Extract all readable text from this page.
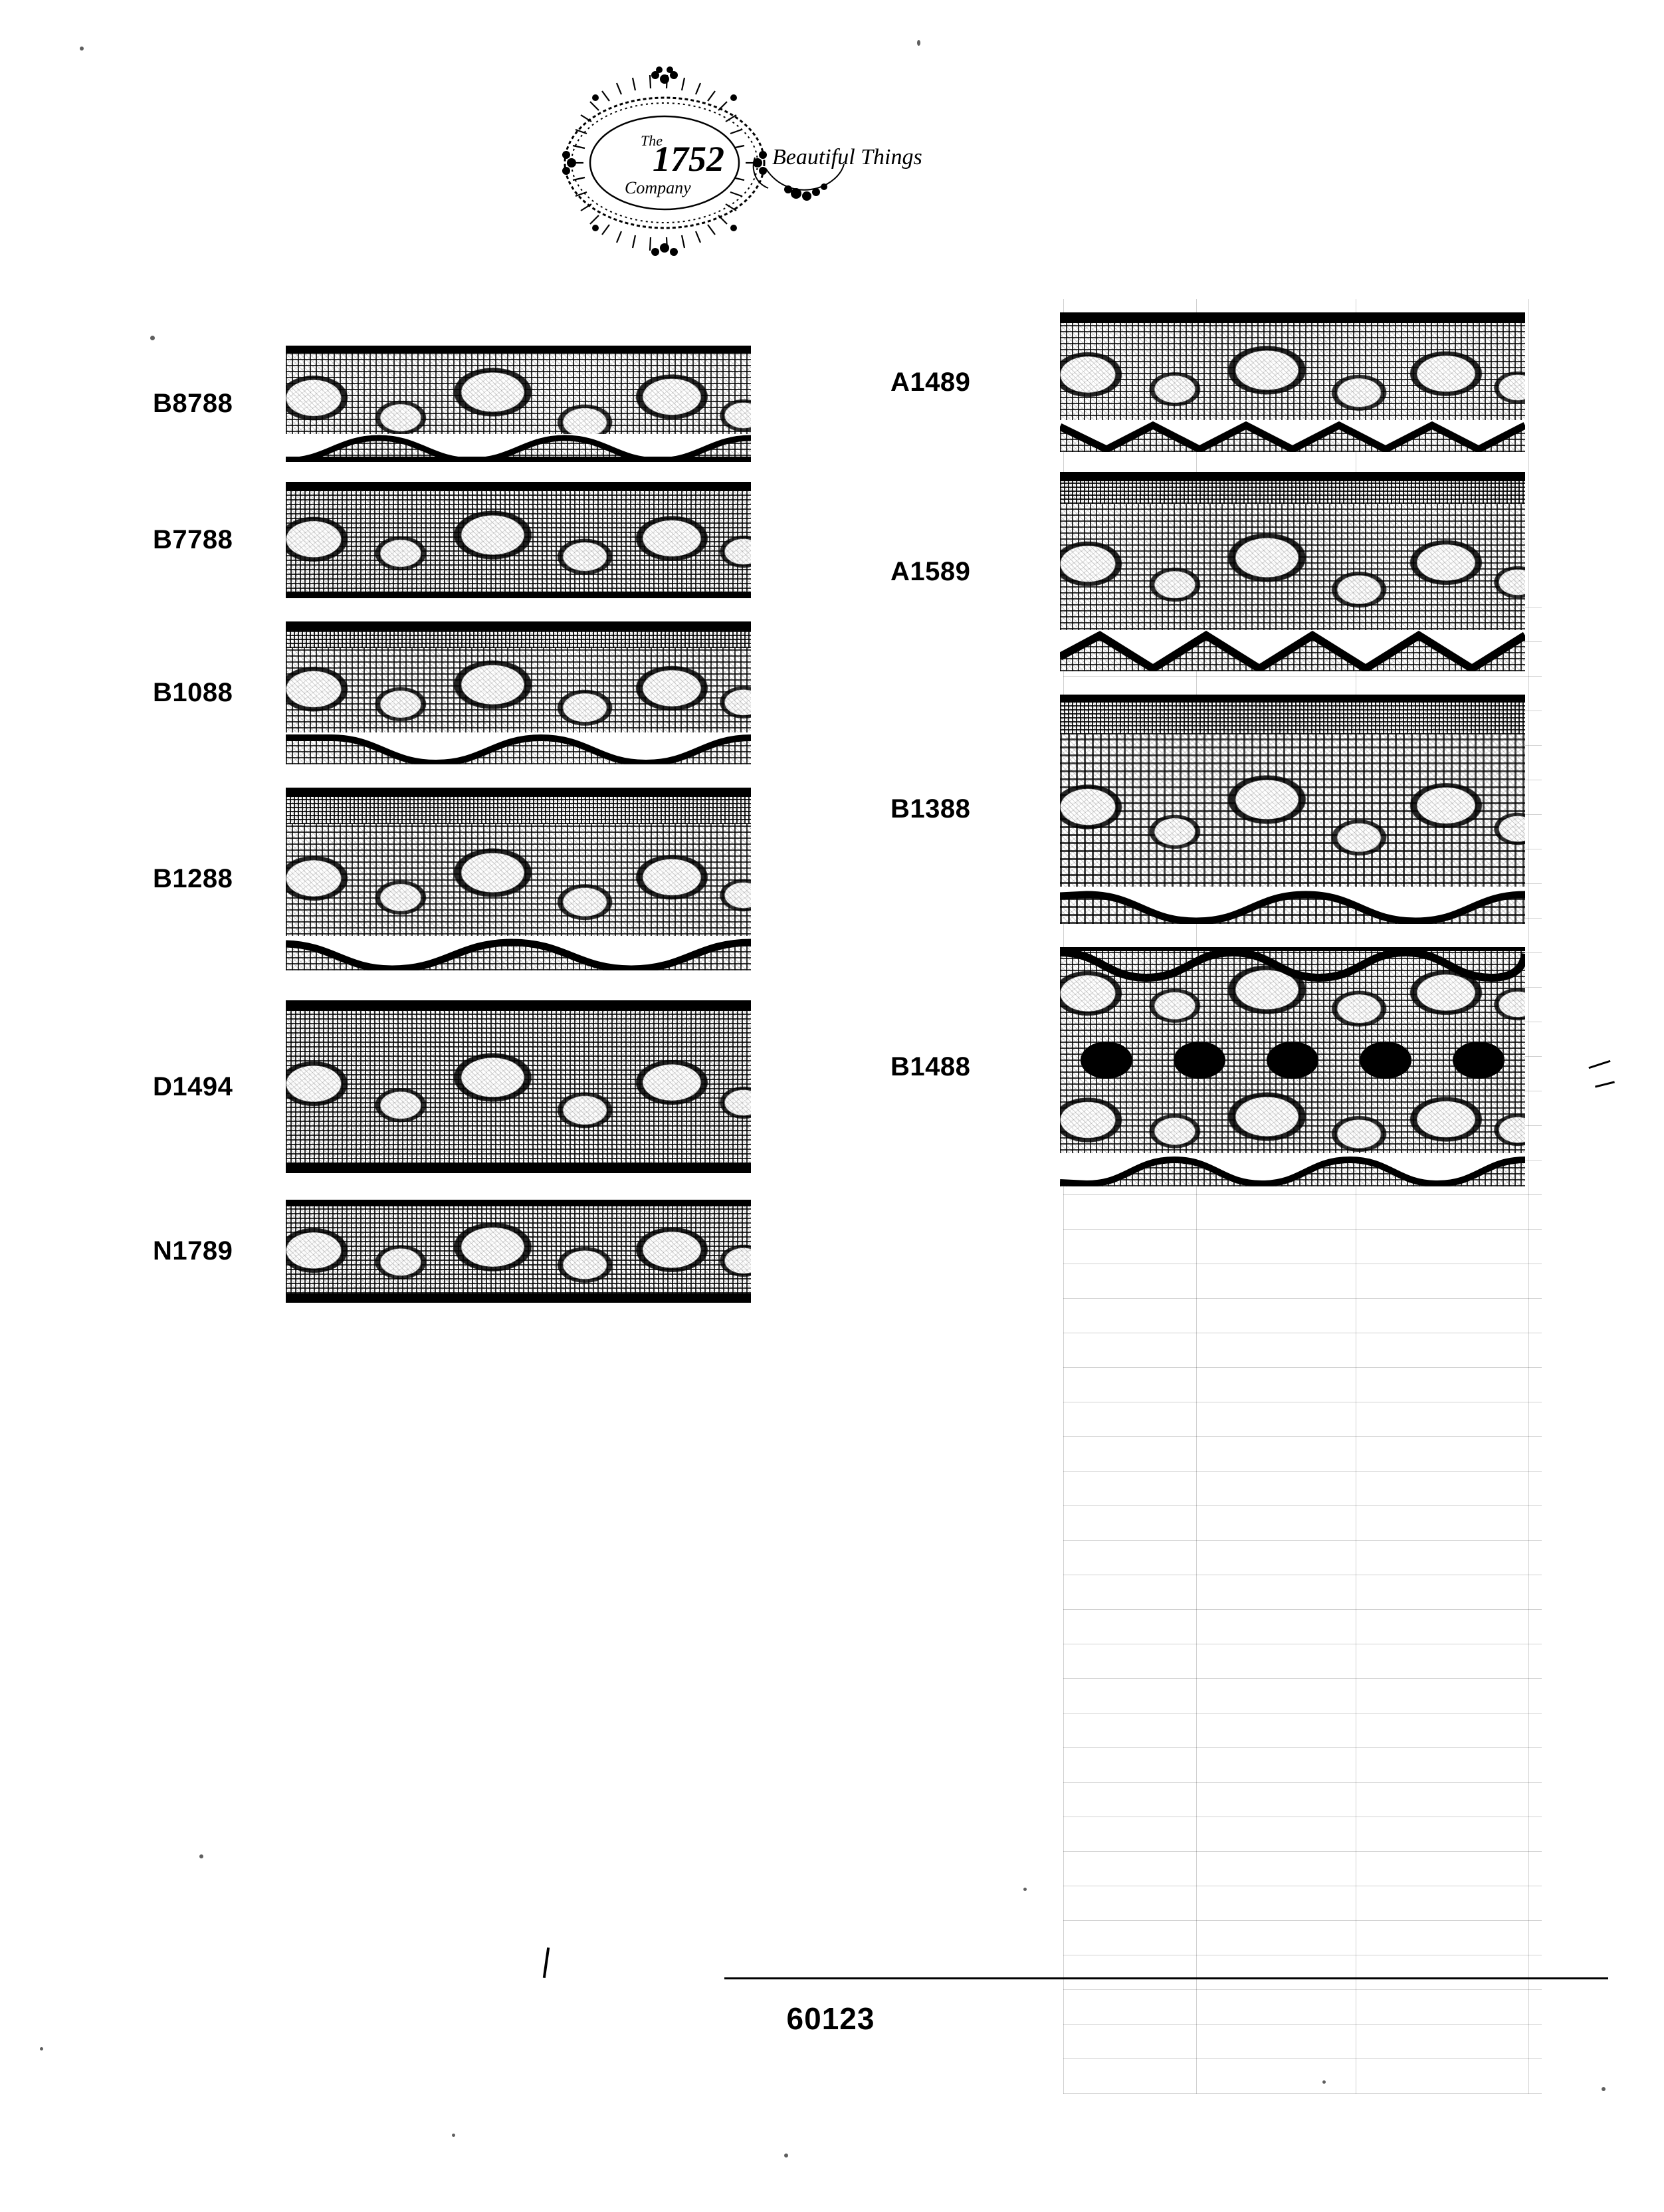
The
1752
Company
Beautiful Things
B8788
B7788
B1088
B1288
D1494
N1789
A1489
A1589
B1388
B1488
60123
